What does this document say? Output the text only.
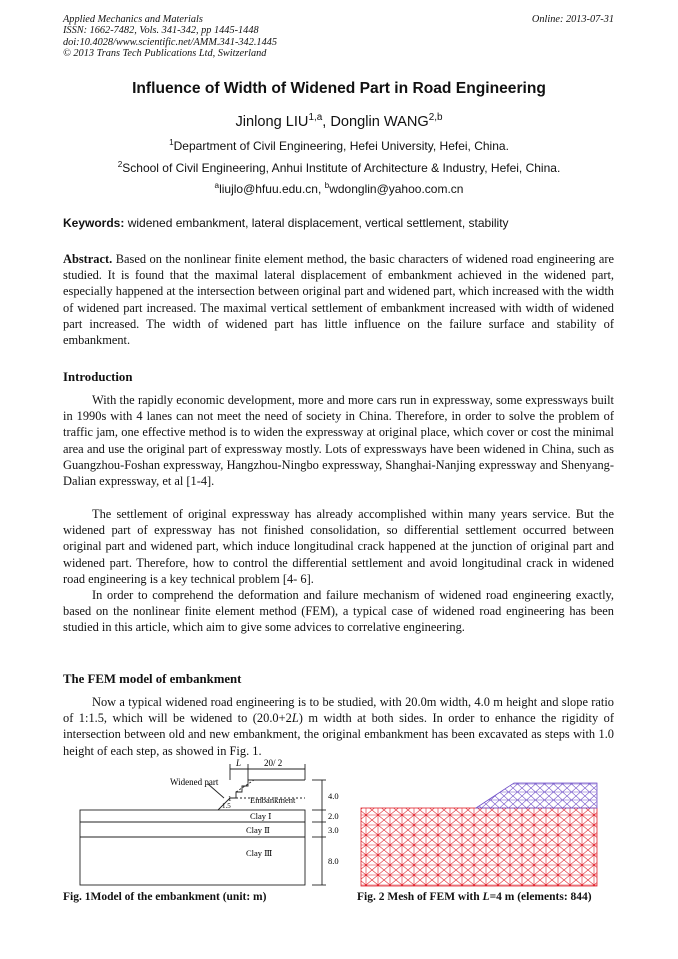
Applied Mechanics and Materials
ISSN: 1662-7482, Vols. 341-342, pp 1445-1448
doi:10.4028/www.scientific.net/AMM.341-342.1445
© 2013 Trans Tech Publications Ltd, Switzerland
Online: 2013-07-31
Influence of Width of Widened Part in Road Engineering
Jinlong LIU$^{1,a}$, Donglin WANG$^{2,b}$
$^1$Department of Civil Engineering, Hefei University, Hefei, China.
$^2$School of Civil Engineering, Anhui Institute of Architecture & Industry, Hefei, China.
$^a$liujlo@hfuu.edu.cn, $^b$wdonglin@yahoo.com.cn
Keywords: widened embankment, lateral displacement, vertical settlement, stability

Abstract. Based on the nonlinear finite element method, the basic characters of widened road engineering are studied. It is found that the maximal lateral displacement of embankment achieved in the widened part, especially happened at the intersection between original part and widened part, which increased with the width of widened part increased. The maximal vertical settlement of embankment increased with width of widened part increased. The width of widened part has little influence on the failure surface and stability of embankment.

Introduction

With the rapidly economic development, more and more cars run in expressway, some expressways built in 1990s with 4 lanes can not meet the need of society in China. Therefore, in order to solve the problem of traffic jam, one effective method is to widen the expressway at original place, which cover or cost the minimal area and use the original part of expressway mostly. Lots of expressways have been widened in China, such as Guangzhou-Foshan expressway, Hangzhou-Ningbo expressway, Shanghai-Nanjing expressway and Shenyang-Dalian expressway, et al [1-4].

The settlement of original expressway has already accomplished within many years service. But the widened part of expressway has not finished consolidation, so differential settlement occurred between original part and widened part, which induce longitudinal crack happened at the junction of original part and widened part. Therefore, how to control the differential settlement and avoid longitudinal crack in widened road engineering is a key technical problem [4- 6].

In order to comprehend the deformation and failure mechanism of widened road engineering exactly, based on the nonlinear finite element method (FEM), a typical case of widened road engineering has been studied in this article, which aim to give some advices to correlative engineering.

The FEM model of embankment

Now a typical widened road engineering is to be studied, with 20.0m width, 4.0 m height and slope ratio of 1:1.5, which will be widened to (20.0+2L) m width at both sides. In order to enhance the rigidity of intersection between old and new embankment, the original embankment has been excavated as steps with 1.0 height of each step, as showed in Fig. 1.

Widened part
L	20/ 2
1.5
1 Embankment
Clay Ⅰ
Clay Ⅱ
Clay Ⅲ
4.0
2.0
3.0
8.0
Fig. 1Model of the embankment (unit: m)	Fig. 2 Mesh of FEM with L=4 m (elements: 844)
